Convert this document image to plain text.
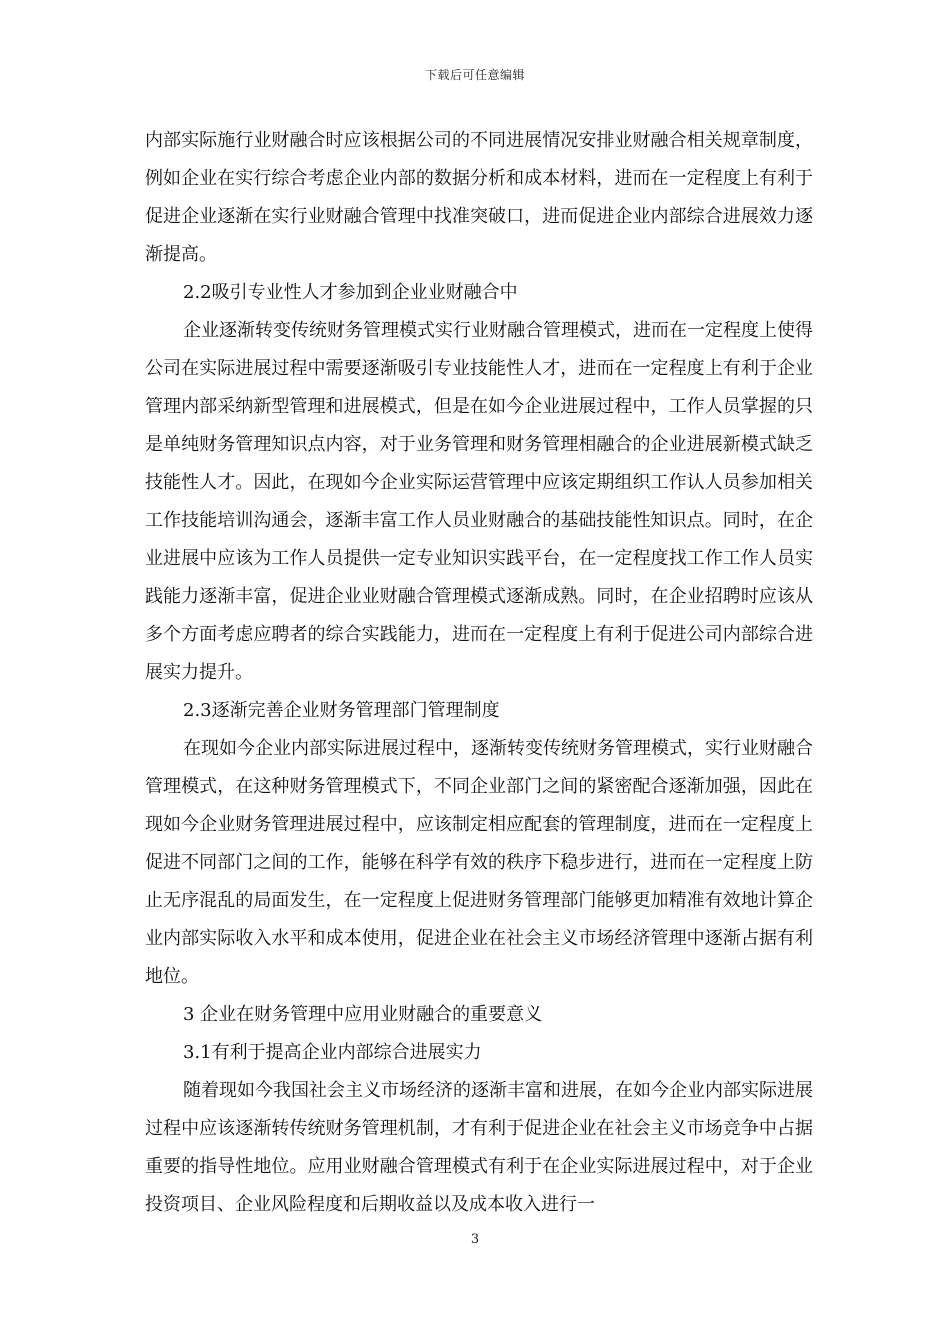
下载后可任意编辑

内部实际施行业财融合时应该根据公司的不同进展情况安排业财融合相关规章制度，例如企业在实行综合考虑企业内部的数据分析和成本材料，进而在一定程度上有利于促进企业逐渐在实行业财融合管理中找准突破口，进而促进企业内部综合进展效力逐渐提高。

2.2吸引专业性人才参加到企业业财融合中

企业逐渐转变传统财务管理模式实行业财融合管理模式，进而在一定程度上使得公司在实际进展过程中需要逐渐吸引专业技能性人才，进而在一定程度上有利于企业管理内部采纳新型管理和进展模式，但是在如今企业进展过程中，工作人员掌握的只是单纯财务管理知识点内容，对于业务管理和财务管理相融合的企业进展新模式缺乏技能性人才。因此，在现如今企业实际运营管理中应该定期组织工作认人员参加相关工作技能培训沟通会，逐渐丰富工作人员业财融合的基础技能性知识点。同时，在企业进展中应该为工作人员提供一定专业知识实践平台，在一定程度找工作工作人员实践能力逐渐丰富，促进企业业财融合管理模式逐渐成熟。同时，在企业招聘时应该从多个方面考虑应聘者的综合实践能力，进而在一定程度上有利于促进公司内部综合进展实力提升。

2.3逐渐完善企业财务管理部门管理制度

在现如今企业内部实际进展过程中，逐渐转变传统财务管理模式，实行业财融合管理模式，在这种财务管理模式下，不同企业部门之间的紧密配合逐渐加强，因此在现如今企业财务管理进展过程中，应该制定相应配套的管理制度，进而在一定程度上促进不同部门之间的工作，能够在科学有效的秩序下稳步进行，进而在一定程度上防止无序混乱的局面发生，在一定程度上促进财务管理部门能够更加精准有效地计算企业内部实际收入水平和成本使用，促进企业在社会主义市场经济管理中逐渐占据有利地位。

3 企业在财务管理中应用业财融合的重要意义

3.1有利于提高企业内部综合进展实力

随着现如今我国社会主义市场经济的逐渐丰富和进展，在如今企业内部实际进展过程中应该逐渐转传统财务管理机制，才有利于促进企业在社会主义市场竞争中占据重要的指导性地位。应用业财融合管理模式有利于在企业实际进展过程中，对于企业投资项目、企业风险程度和后期收益以及成本收入进行一

3
